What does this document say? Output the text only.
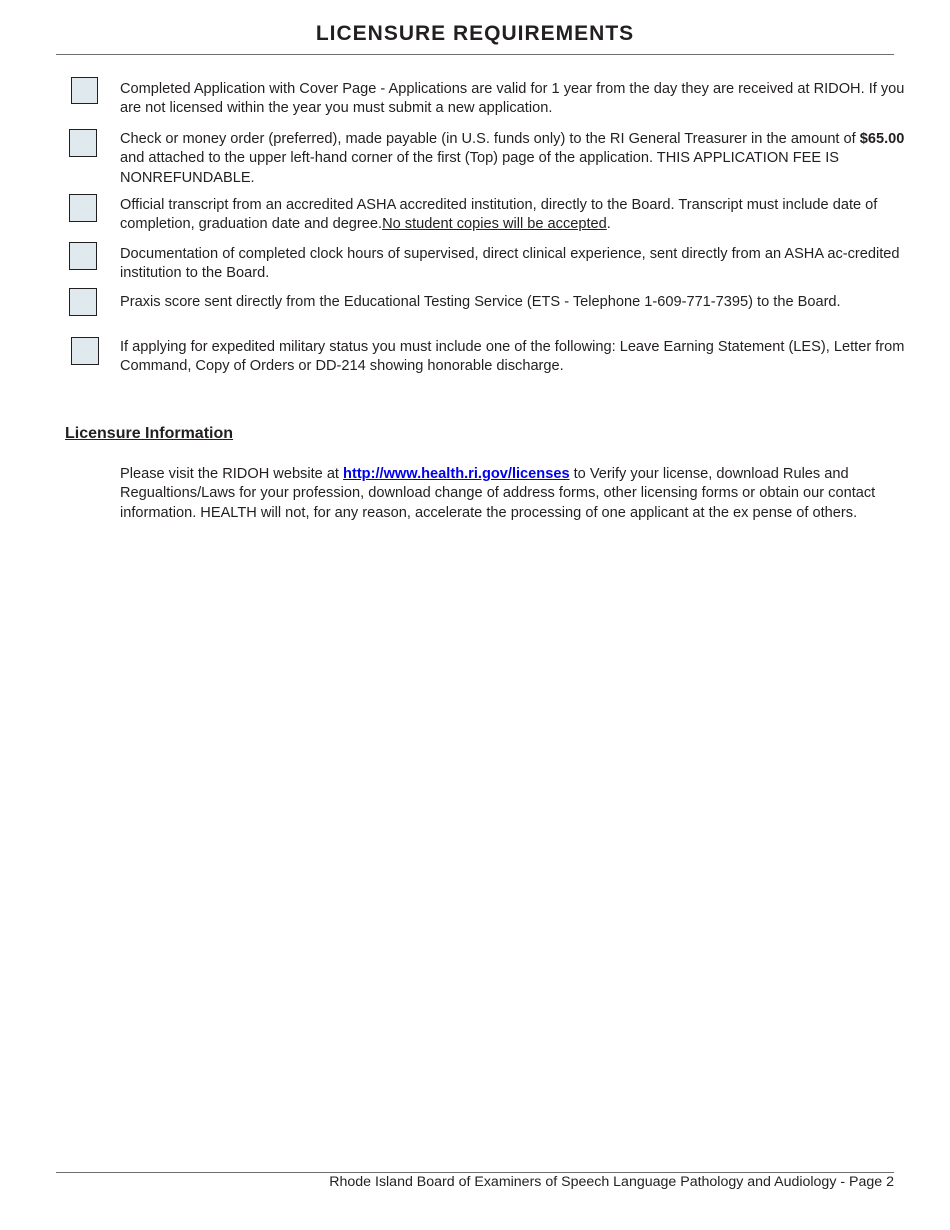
LICENSURE REQUIREMENTS
Completed Application with Cover Page - Applications are valid for 1 year from the day they are received at RIDOH. If you are not licensed within the year you must submit a new application.
Check or money order (preferred), made payable (in U.S. funds only) to the RI General Treasurer in the amount of $65.00 and attached to the upper left-hand corner of the first (Top) page of the application. THIS APPLICATION FEE IS NONREFUNDABLE.
Official transcript from an accredited ASHA accredited institution, directly to the Board. Transcript must include date of completion, graduation date and degree.No student copies will be accepted.
Documentation of completed clock hours of supervised, direct clinical experience, sent directly from an ASHA ac-credited institution to the Board.
Praxis score sent directly from the Educational Testing Service (ETS - Telephone 1-609-771-7395) to the Board.
If applying for expedited military status you must include one of the following: Leave Earning Statement (LES), Letter from Command, Copy of Orders or DD-214 showing honorable discharge.
Licensure Information
Please visit the RIDOH website at http://www.health.ri.gov/licenses to Verify your license, download Rules and Regualtions/Laws for your profession, download change of address forms, other licensing forms or obtain our contact information. HEALTH will not, for any reason, accelerate the processing of one applicant at the ex pense of others.
Rhode Island Board of Examiners of Speech Language Pathology and Audiology - Page 2
